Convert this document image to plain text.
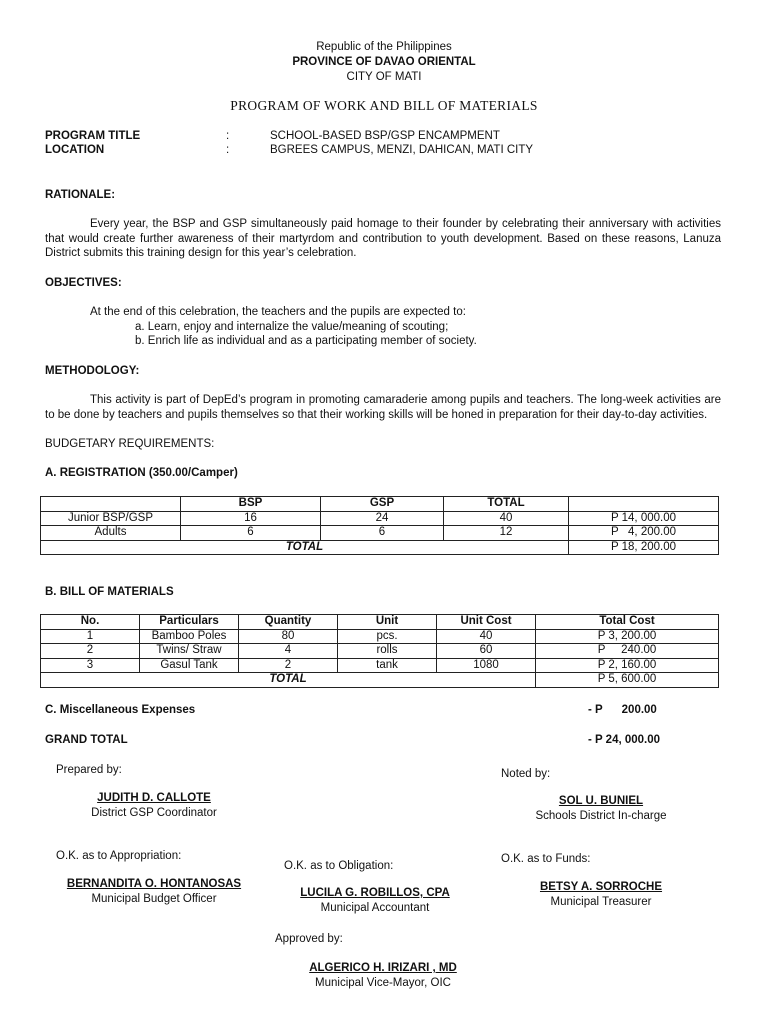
Republic of the Philippines
PROVINCE OF DAVAO ORIENTAL
CITY OF MATI
PROGRAM OF WORK AND BILL OF MATERIALS
PROGRAM TITLE	:	SCHOOL-BASED BSP/GSP ENCAMPMENT
LOCATION	:	BGREES CAMPUS, MENZI, DAHICAN, MATI CITY
RATIONALE:
Every year, the BSP and GSP simultaneously paid homage to their founder by celebrating their anniversary with activities that would create further awareness of their martyrdom and contribution to youth development. Based on these reasons, Lanuza District submits this training design for this year’s celebration.
OBJECTIVES:
At the end of this celebration, the teachers and the pupils are expected to:
a. Learn, enjoy and internalize the value/meaning of scouting;
b. Enrich life as individual and as a participating member of society.
METHODOLOGY:
This activity is part of DepEd’s program in promoting camaraderie among pupils and teachers. The long-week activities are to be done by teachers and pupils themselves so that their working skills will be honed in preparation for their day-to-day activities.
BUDGETARY REQUIREMENTS:
A. REGISTRATION (350.00/Camper)
	BSP	GSP	TOTAL	
Junior BSP/GSP	16	24	40	P 14, 000.00
Adults	6	6	12	P   4, 200.00
TOTAL				P 18, 200.00
B. BILL OF MATERIALS
No.	Particulars	Quantity	Unit	Unit Cost	Total Cost
1	Bamboo Poles	80	pcs.	40	P 3, 200.00
2	Twins/ Straw	4	rolls	60	P     240.00
3	Gasul Tank	2	tank	1080	P 2, 160.00
TOTAL					P 5, 600.00
C. Miscellaneous Expenses	- P      200.00
GRAND TOTAL	- P 24, 000.00
Prepared by:
JUDITH D. CALLOTE
District GSP Coordinator
Noted by:
SOL U. BUNIEL
Schools District In-charge
O.K. as to Appropriation:
BERNANDITA O. HONTANOSAS
Municipal Budget Officer
O.K. as to Obligation:
LUCILA G. ROBILLOS, CPA
Municipal Accountant
O.K. as to Funds:
BETSY A. SORROCHE
Municipal Treasurer
Approved by:
ALGERICO H. IRIZARI , MD
Municipal Vice-Mayor, OIC
